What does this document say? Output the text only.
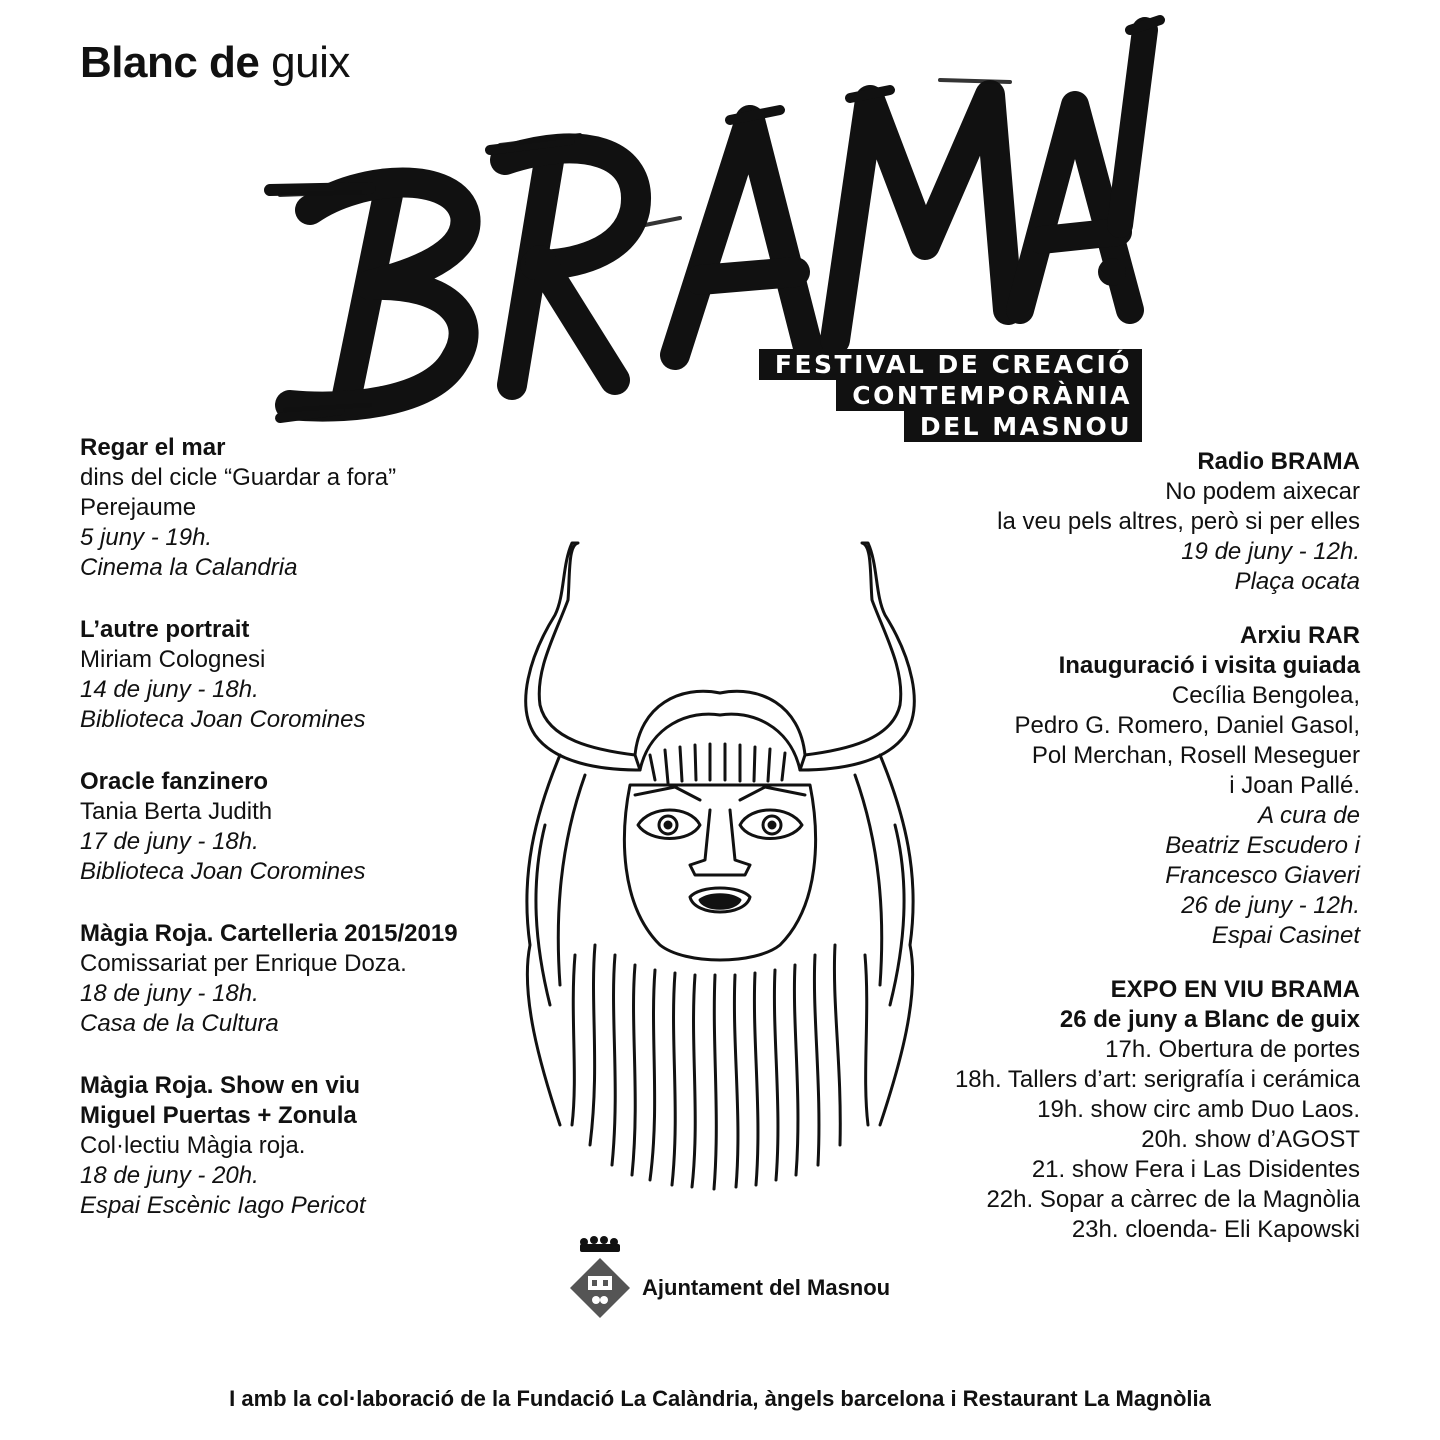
Blanc de guix
FESTIVAL DE CREACIÓ
CONTEMPORÀNIA
DEL MASNOU
Regar el mar
dins del cicle “Guardar a fora”
Perejaume
5 juny - 19h.
Cinema la Calandria
L’autre portrait
Miriam Colognesi
14 de juny - 18h.
Biblioteca Joan Coromines
Oracle fanzinero
Tania Berta Judith
17 de juny - 18h.
Biblioteca Joan Coromines
Màgia Roja. Cartelleria 2015/2019
Comissariat per Enrique Doza.
18 de juny - 18h.
Casa de la Cultura
Màgia Roja. Show en viu
Miguel Puertas + Zonula
Col·lectiu Màgia roja.
18 de juny - 20h.
Espai Escènic Iago Pericot
Radio BRAMA
No podem aixecar
la veu pels altres, però si per elles
19 de juny - 12h.
Plaça ocata
Arxiu RAR
Inauguració i visita guiada
Cecília Bengolea,
Pedro G. Romero, Daniel Gasol,
Pol Merchan, Rosell Meseguer
i Joan Pallé.
A cura de
Beatriz Escudero i
Francesco Giaveri
26 de juny - 12h.
Espai Casinet
EXPO EN VIU BRAMA
26 de juny a Blanc de guix
17h. Obertura de portes
18h. Tallers d’art: serigrafía i cerámica
19h. show circ amb Duo Laos.
20h. show d’AGOST
21. show Fera i Las Disidentes
22h. Sopar a càrrec de la Magnòlia
23h. cloenda- Eli Kapowski
Ajuntament del Masnou
I amb la col·laboració de la Fundació La Calàndria, àngels barcelona i Restaurant La Magnòlia
